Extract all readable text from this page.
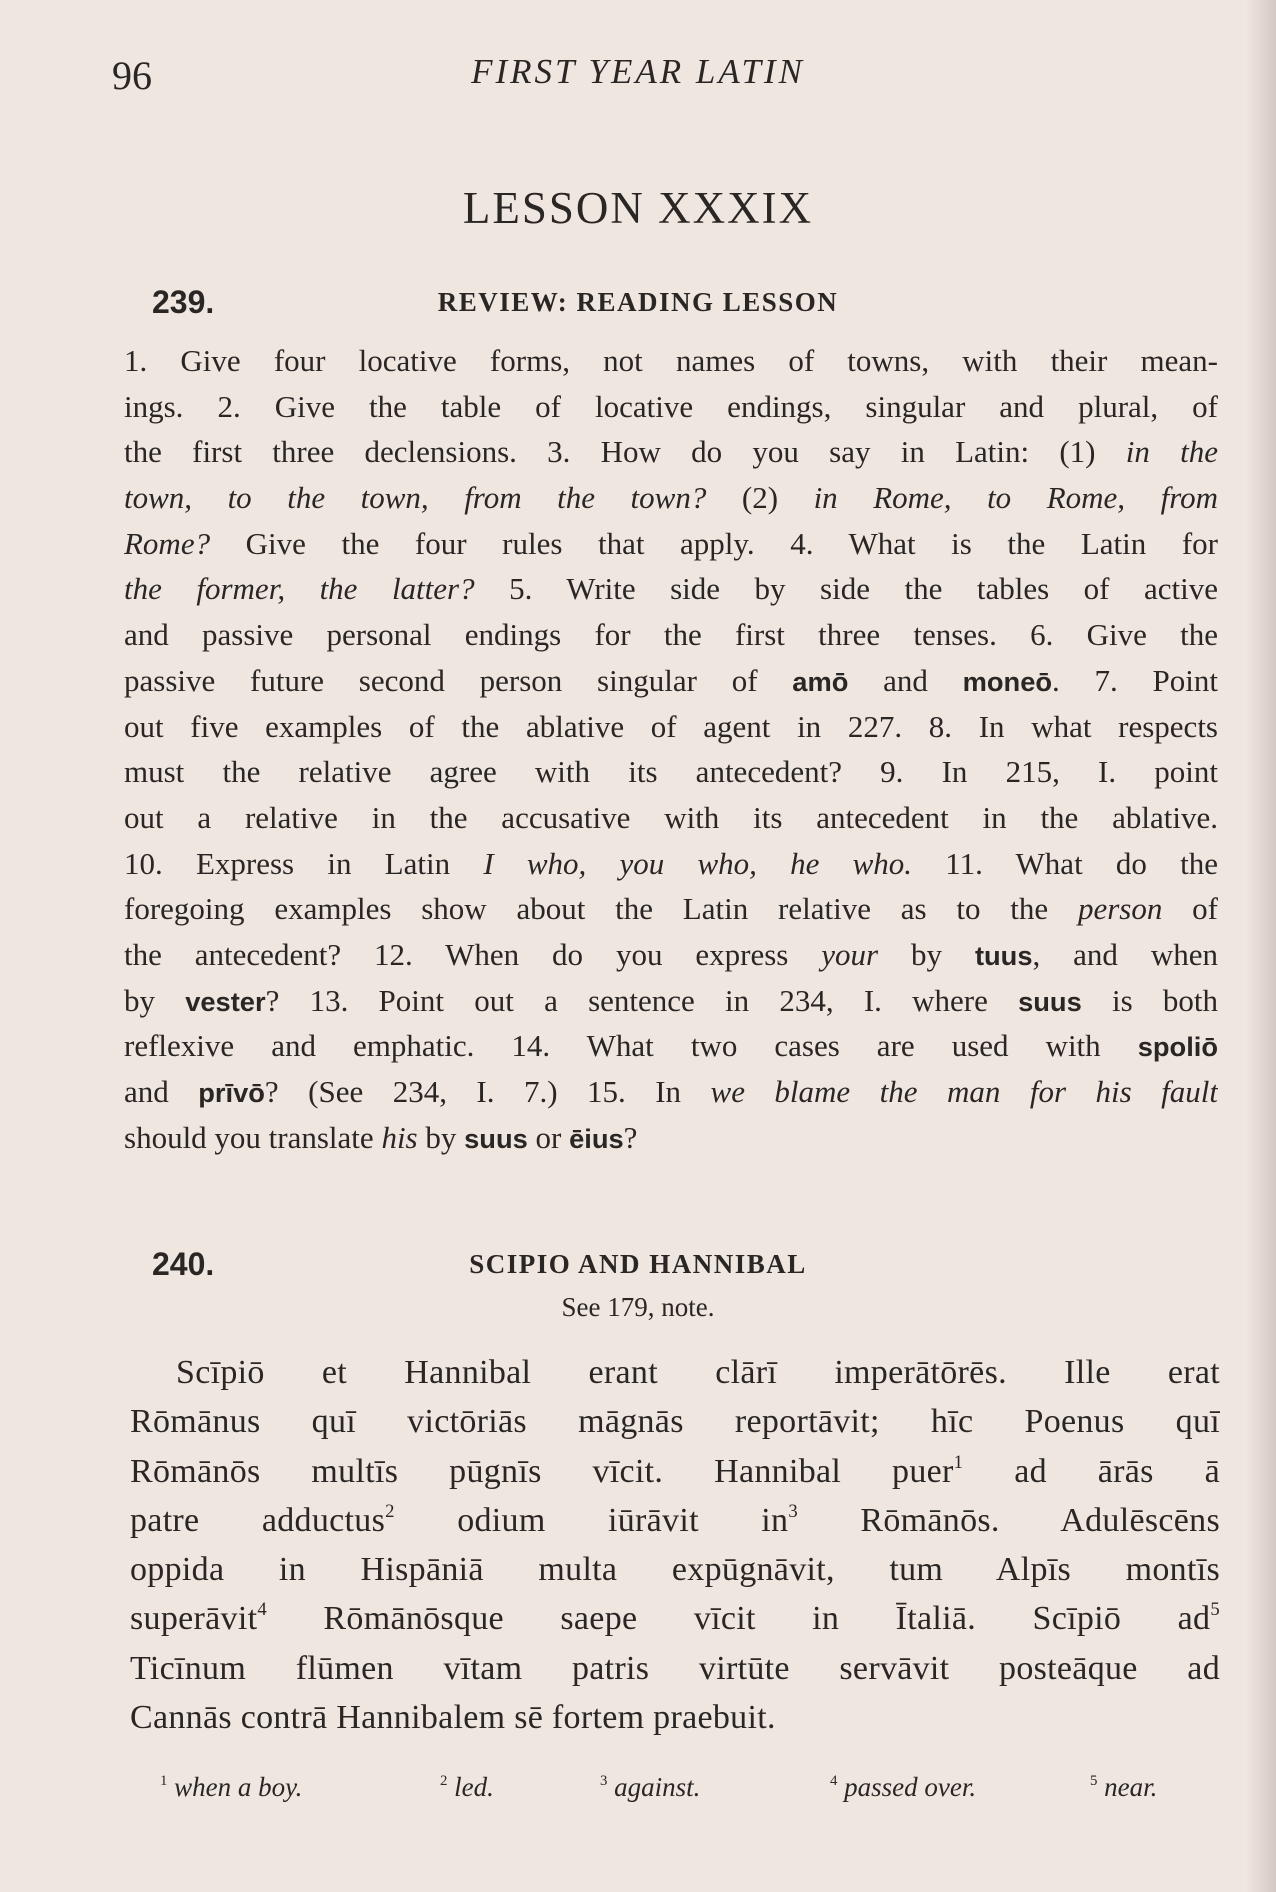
96	FIRST YEAR LATIN
LESSON XXXIX
239.	REVIEW: READING LESSON
1. Give four locative forms, not names of towns, with their mean-
ings. 2. Give the table of locative endings, singular and plural, of
the first three declensions. 3. How do you say in Latin: (1) in the
town, to the town, from the town? (2) in Rome, to Rome, from
Rome? Give the four rules that apply. 4. What is the Latin for
the former, the latter? 5. Write side by side the tables of active
and passive personal endings for the first three tenses. 6. Give the
passive future second person singular of amō and moneō. 7. Point
out five examples of the ablative of agent in 227. 8. In what respects
must the relative agree with its antecedent? 9. In 215, I. point
out a relative in the accusative with its antecedent in the ablative.
10. Express in Latin I who, you who, he who. 11. What do the
foregoing examples show about the Latin relative as to the person of
the antecedent? 12. When do you express your by tuus, and when
by vester? 13. Point out a sentence in 234, I. where suus is both
reflexive and emphatic. 14. What two cases are used with spoliō
and prīvō? (See 234, I. 7.) 15. In we blame the man for his fault
should you translate his by suus or ēius?
240.	SCIPIO AND HANNIBAL
See 179, note.
Scīpiō et Hannibal erant clārī imperātōrēs. Ille erat
Rōmānus quī victōriās māgnās reportāvit; hīc Poenus quī
Rōmānōs multīs pūgnīs vīcit. Hannibal puer$^1$ ad ārās ā
patre adductus$^2$ odium iūrāvit $in^3$ Rōmānōs. Adulēscēns
oppida in Hispāniā multa expūgnāvit, tum Alpīs montīs
superāvit$^4$ Rōmānōsque saepe vīcit in Ītaliā. Scīpiō $ad^5$
Ticīnum flūmen vītam patris virtūte servāvit posteāque ad
Cannās contrā Hannibalem sē fortem praebuit.
$^1$ when a boy.	$^2$ led.	$^3$ against.	$^4$ passed over.	$^5$ near.
